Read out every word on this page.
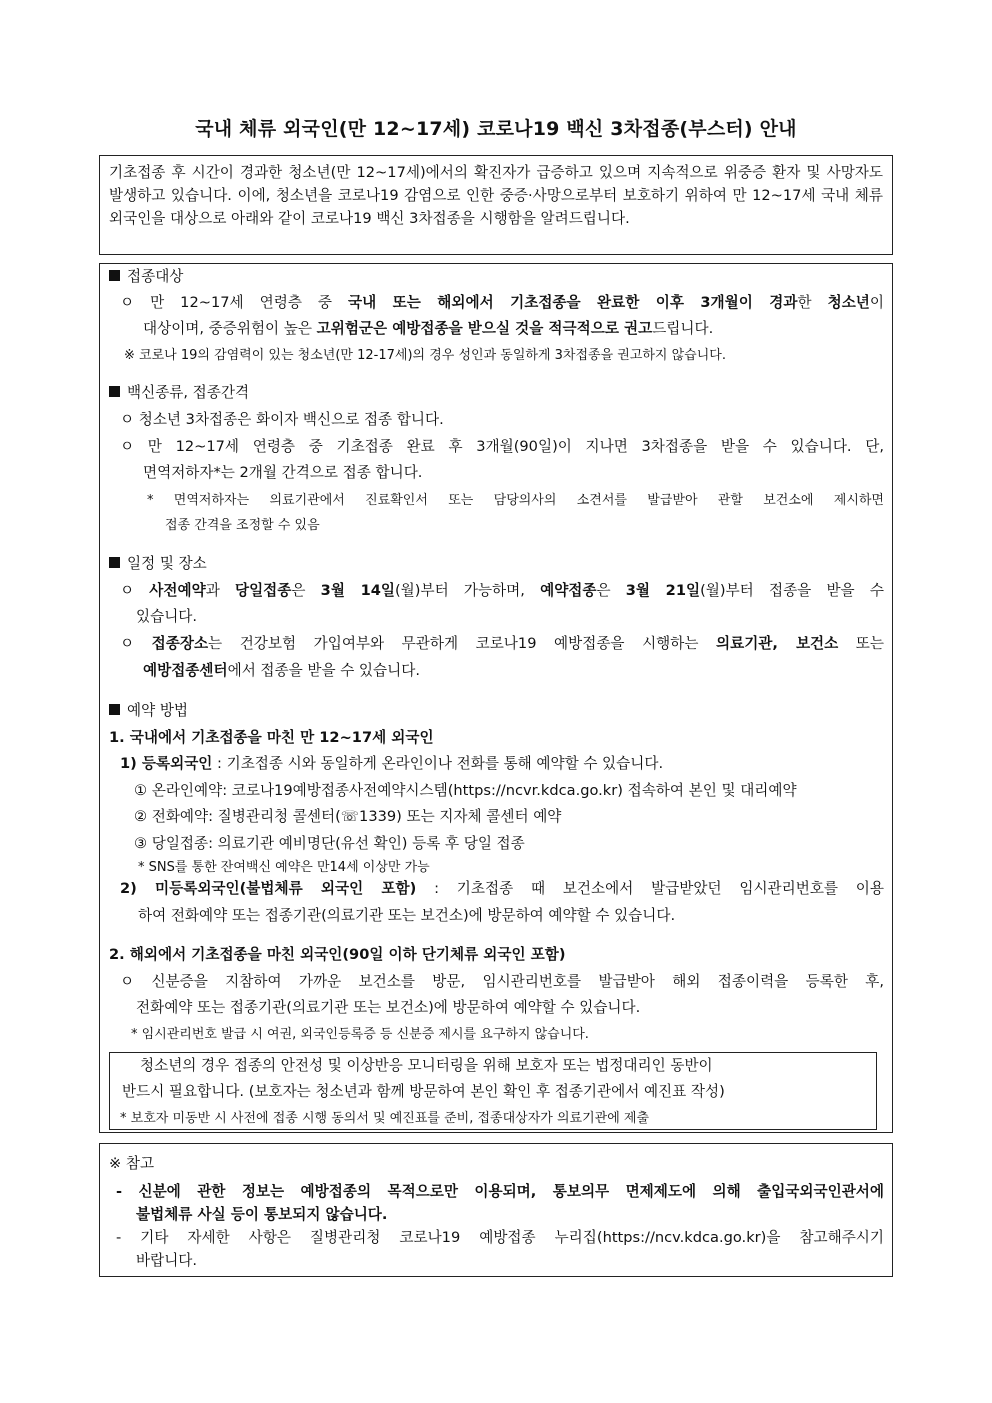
국내 체류 외국인(만 12~17세) 코로나19 백신 3차접종(부스터) 안내
기초접종 후 시간이 경과한 청소년(만 12~17세)에서의 확진자가 급증하고 있으며 지속적으로 위중증 환자 및 사망자도 발생하고 있습니다. 이에, 청소년을 코로나19 감염으로 인한 중증·사망으로부터 보호하기 위하여 만 12~17세 국내 체류 외국인을 대상으로 아래와 같이 코로나19 백신 3차접종을 시행함을 알려드립니다.
접종대상
ㅇ 만 12~17세 연령층 중 국내 또는 해외에서 기초접종을 완료한 이후 3개월이 경과한 청소년이
대상이며, 중증위험이 높은 고위험군은 예방접종을 받으실 것을 적극적으로 권고드립니다.
※ 코로나 19의 감염력이 있는 청소년(만 12-17세)의 경우 성인과 동일하게 3차접종을 권고하지 않습니다.
백신종류, 접종간격
ㅇ 청소년 3차접종은 화이자 백신으로 접종 합니다.
ㅇ 만 12~17세 연령층 중 기초접종 완료 후 3개월(90일)이 지나면 3차접종을 받을 수 있습니다. 단,
면역저하자*는 2개월 간격으로 접종 합니다.
* 면역저하자는 의료기관에서 진료확인서 또는 담당의사의 소견서를 발급받아 관할 보건소에 제시하면
접종 간격을 조정할 수 있음
일정 및 장소
ㅇ 사전예약과 당일접종은 3월 14일(월)부터 가능하며, 예약접종은 3월 21일(월)부터 접종을 받을 수
있습니다.
ㅇ 접종장소는 건강보험 가입여부와 무관하게 코로나19 예방접종을 시행하는 의료기관, 보건소 또는
예방접종센터에서 접종을 받을 수 있습니다.
예약 방법
1. 국내에서 기초접종을 마친 만 12~17세 외국인
1) 등록외국인 : 기초접종 시와 동일하게 온라인이나 전화를 통해 예약할 수 있습니다.
① 온라인예약: 코로나19예방접종사전예약시스템(https://ncvr.kdca.go.kr) 접속하여 본인 및 대리예약
② 전화예약: 질병관리청 콜센터(☏1339) 또는 지자체 콜센터 예약
③ 당일접종: 의료기관 예비명단(유선 확인) 등록 후 당일 접종
* SNS를 통한 잔여백신 예약은 만14세 이상만 가능
2) 미등록외국인(불법체류 외국인 포함) : 기초접종 때 보건소에서 발급받았던 임시관리번호를 이용
하여 전화예약 또는 접종기관(의료기관 또는 보건소)에 방문하여 예약할 수 있습니다.
2. 해외에서 기초접종을 마친 외국인(90일 이하 단기체류 외국인 포함)
ㅇ 신분증을 지참하여 가까운 보건소를 방문, 임시관리번호를 발급받아 해외 접종이력을 등록한 후,
전화예약 또는 접종기관(의료기관 또는 보건소)에 방문하여 예약할 수 있습니다.
* 임시관리번호 발급 시 여권, 외국인등록증 등 신분증 제시를 요구하지 않습니다.
청소년의 경우 접종의 안전성 및 이상반응 모니터링을 위해 보호자 또는 법정대리인 동반이
반드시 필요합니다. (보호자는 청소년과 함께 방문하여 본인 확인 후 접종기관에서 예진표 작성)
* 보호자 미동반 시 사전에 접종 시행 동의서 및 예진표를 준비, 접종대상자가 의료기관에 제출
※ 참고
- 신분에 관한 정보는 예방접종의 목적으로만 이용되며, 통보의무 면제제도에 의해 출입국외국인관서에
불법체류 사실 등이 통보되지 않습니다.
- 기타 자세한 사항은 질병관리청 코로나19 예방접종 누리집(https://ncv.kdca.go.kr)을 참고해주시기
바랍니다.
